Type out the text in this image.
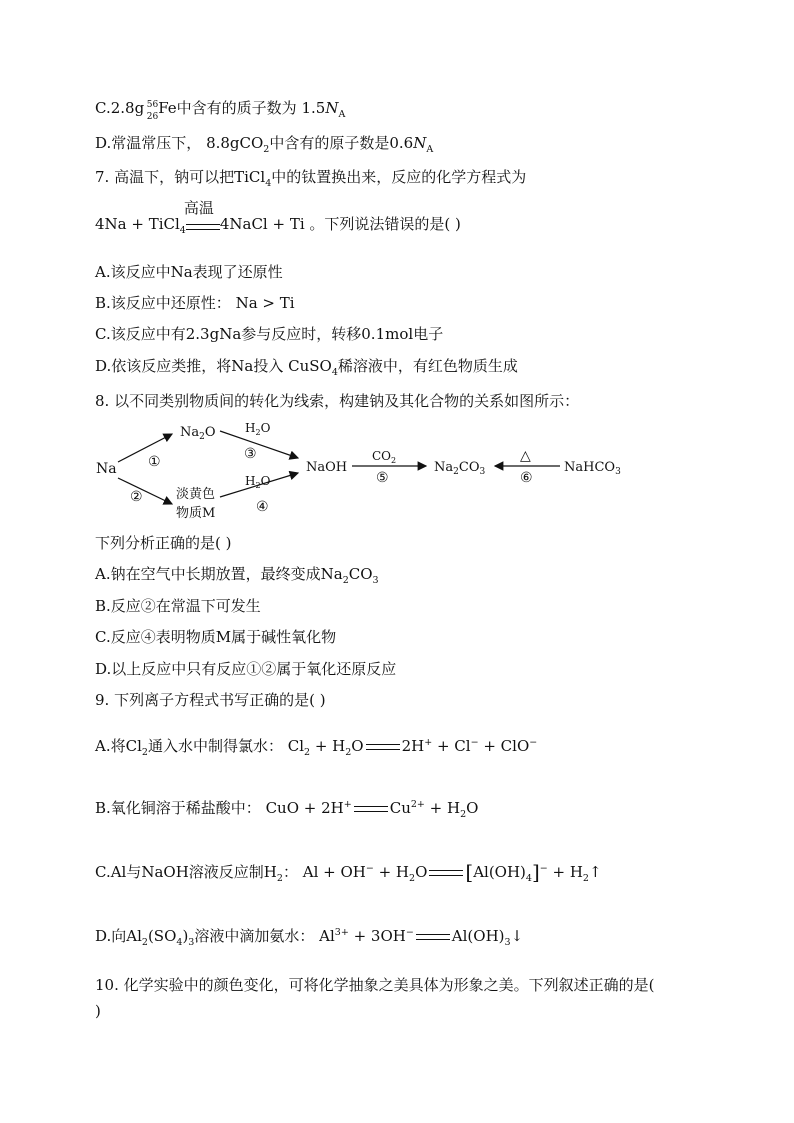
C.2.8g 56
26 Fe中含有的质子数为 $1.5N_A$
D.常温常压下， 8.8gCO$_2$中含有的原子数是$0.6N_A$
7. 高温下，钠可以把TiCl$_4$中的钛置换出来，反应的化学方程式为
4Na + TiCl$_4$
高温
4NaCl + Ti 。下列说法错误的是( )
A.该反应中Na表现了还原性
B.该反应中还原性： Na > Ti
C.该反应中有2.3gNa参与反应时，转移0.1mol电子
D.依该反应类推，将Na投入 CuSO$_4$稀溶液中，有红色物质生成
8. 以不同类别物质间的转化为线索，构建钠及其化合物的关系如图所示：
Na ①
②
$Na_2O$
淡黄色
物质M
$H_2O$
③
$H_2O$
④
NaOH
$CO_2$
⑤
$Na_2CO_3$
△
⑥
NaHCO$_3$
下列分析正确的是( )
A.钠在空气中长期放置，最终变成$Na_2CO_3$
B.反应②在常温下可发生
C.反应④表明物质M属于碱性氧化物
D.以上反应中只有反应①②属于氧化还原反应
9. 下列离子方程式书写正确的是( )
A.将$Cl_2$通入水中制得氯水： $Cl_2 + H_2O$	2H+ + Cl− + ClO−
B.氧化铜溶于稀盐酸中： CuO + 2H+	$Cu^{2+} + H_2O$
C.Al与NaOH溶液反应制$H_2$： $Al + OH^- + H_2O$ $[Al(OH)_4]^-$ + $H_2↑$
D.向$Al_2(SO_4)_3$溶液中滴加氨水： $Al^{3+} + 3OH^-$	$Al(OH)_3↓$
10. 化学实验中的颜色变化，可将化学抽象之美具体为形象之美。下列叙述正确的是(
)
